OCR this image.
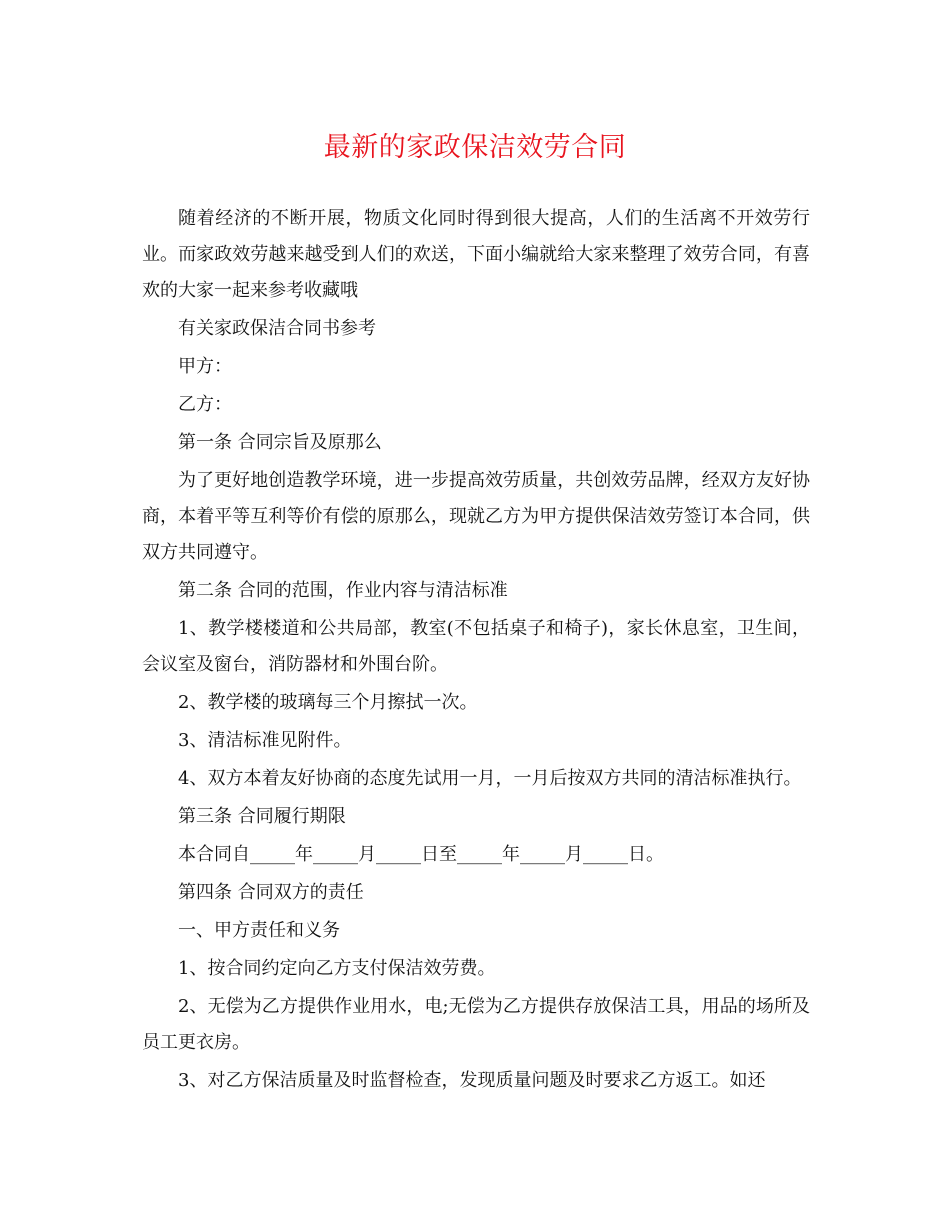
最新的家政保洁效劳合同

随着经济的不断开展，物质文化同时得到很大提高，人们的生活离不开效劳行业。而家政效劳越来越受到人们的欢送，下面小编就给大家来整理了效劳合同，有喜欢的大家一起来参考收藏哦

有关家政保洁合同书参考

甲方：

乙方：

第一条 合同宗旨及原那么

为了更好地创造教学环境，进一步提高效劳质量，共创效劳品牌，经双方友好协商，本着平等互利等价有偿的原那么，现就乙方为甲方提供保洁效劳签订本合同，供双方共同遵守。

第二条 合同的范围，作业内容与清洁标准

1、教学楼楼道和公共局部，教室(不包括桌子和椅子)，家长休息室，卫生间，会议室及窗台，消防器材和外围台阶。

2、教学楼的玻璃每三个月擦拭一次。

3、清洁标准见附件。

4、双方本着友好协商的态度先试用一月，一月后按双方共同的清洁标准执行。

第三条 合同履行期限

本合同自_____年_____月_____日至_____年_____月_____日。

第四条 合同双方的责任

一、甲方责任和义务

1、按合同约定向乙方支付保洁效劳费。

2、无偿为乙方提供作业用水，电;无偿为乙方提供存放保洁工具，用品的场所及员工更衣房。

3、对乙方保洁质量及时监督检查，发现质量问题及时要求乙方返工。如还
